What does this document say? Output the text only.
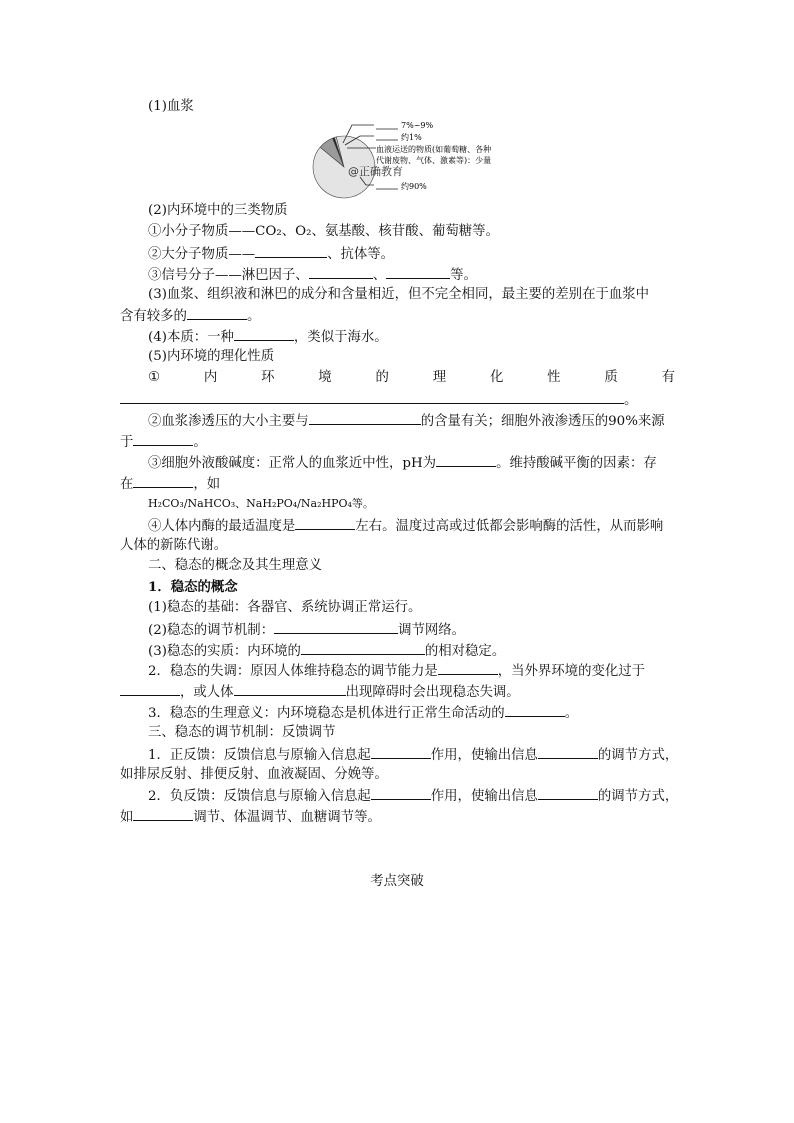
(1)血浆
7%~9%
约1%
血液运送的物质(如葡萄糖、各种
代谢废物、气体、激素等)：少量
约90%
@正确教育
(2)内环境中的三类物质
①小分子物质——CO₂、O₂、氨基酸、核苷酸、葡萄糖等。
②大分子物质——	、抗体等。
③信号分子——淋巴因子、	、	等。
(3)血浆、组织液和淋巴的成分和含量相近，但不完全相同，最主要的差别在于血浆中
含有较多的	。
(4)本质：一种	，类似于海水。
(5)内环境的理化性质
①	内	环	境	的	理	化	性	质	有
。
②血浆渗透压的大小主要与	的含量有关；细胞外液渗透压的90%来源
于	。
③细胞外液酸碱度：正常人的血浆近中性，pH为	。维持酸碱平衡的因素：存
在	，如
H₂CO₃/NaHCO₃、NaH₂PO₄/Na₂HPO₄等。
④人体内酶的最适温度是	左右。温度过高或过低都会影响酶的活性，从而影响
人体的新陈代谢。
二、稳态的概念及其生理意义
1．稳态的概念
(1)稳态的基础：各器官、系统协调正常运行。
(2)稳态的调节机制：	调节网络。
(3)稳态的实质：内环境的	的相对稳定。
2．稳态的失调：原因人体维持稳态的调节能力是	，当外界环境的变化过于
，或人体	出现障碍时会出现稳态失调。
3．稳态的生理意义：内环境稳态是机体进行正常生命活动的	。
三、稳态的调节机制：反馈调节
1．正反馈：反馈信息与原输入信息起	作用，使输出信息	的调节方式，
如排尿反射、排便反射、血液凝固、分娩等。
2．负反馈：反馈信息与原输入信息起	作用，使输出信息	的调节方式，
如	调节、体温调节、血糖调节等。
考点突破
